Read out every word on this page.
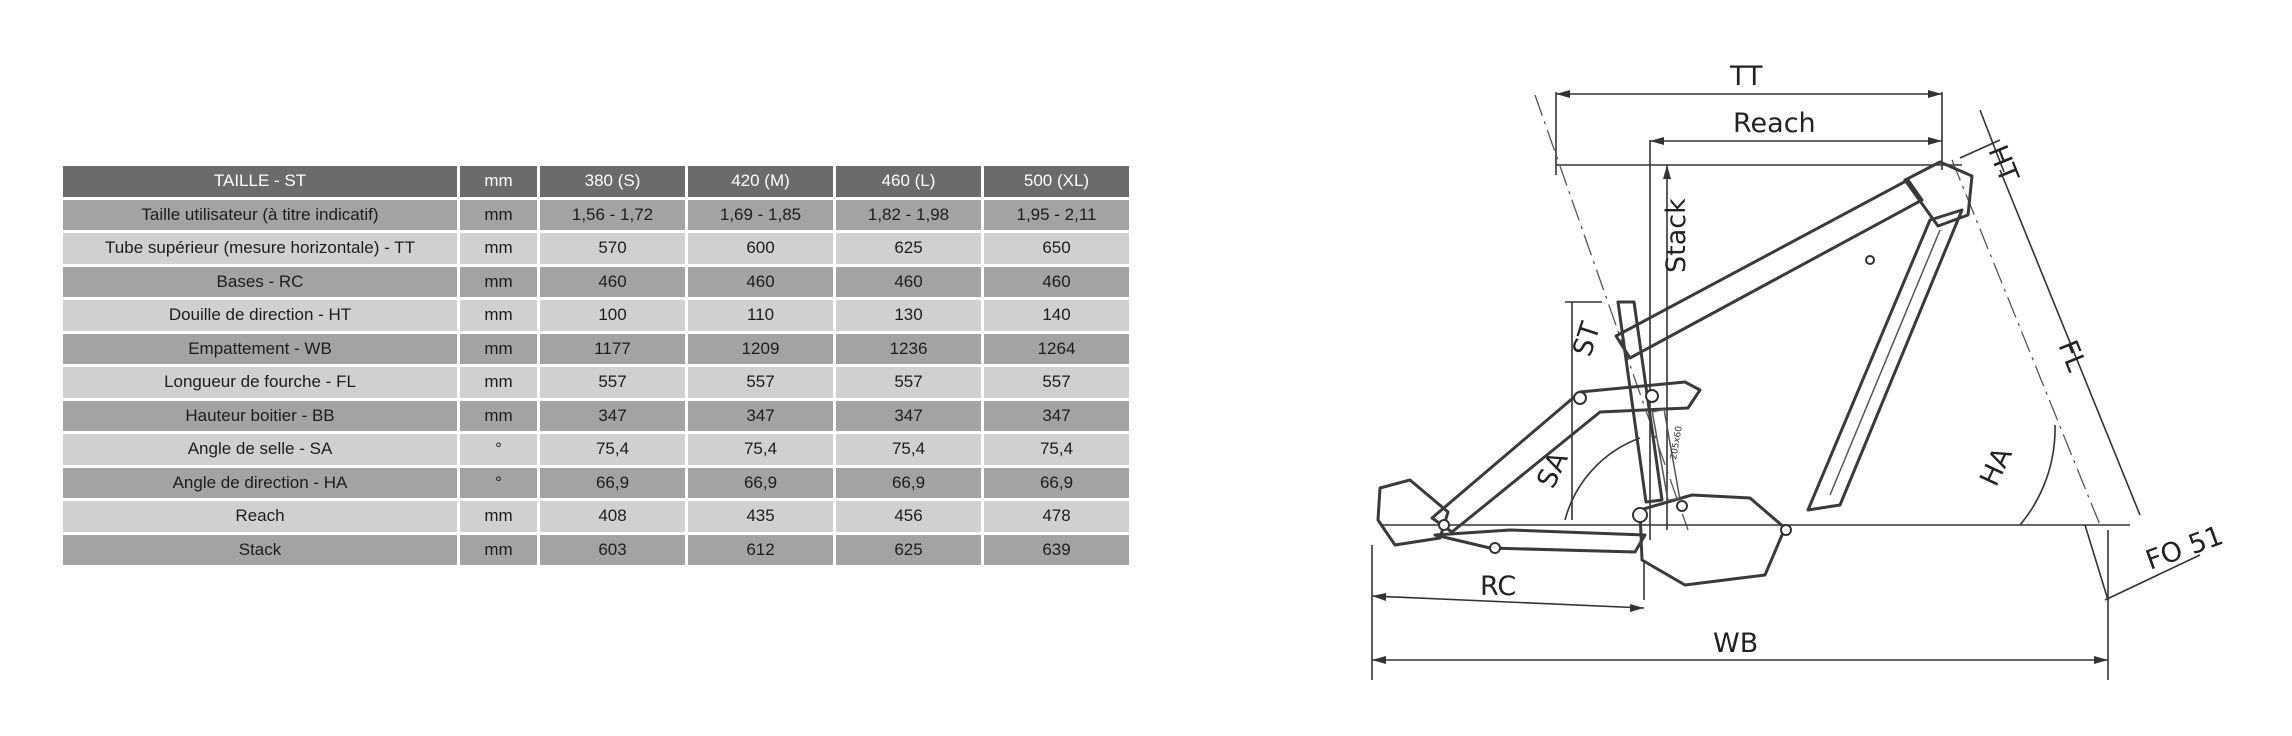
TAILLE - ST	mm	380 (S)	420 (M)	460 (L)	500 (XL)
Taille utilisateur (à titre indicatif)	mm	1,56 - 1,72	1,69 - 1,85	1,82 - 1,98	1,95 - 2,11
Tube supérieur (mesure horizontale) - TT	mm	570	600	625	650
Bases - RC	mm	460	460	460	460
Douille de direction - HT	mm	100	110	130	140
Empattement - WB	mm	1177	1209	1236	1264
Longueur de fourche - FL	mm	557	557	557	557
Hauteur boitier - BB	mm	347	347	347	347
Angle de selle - SA	°	75,4	75,4	75,4	75,4
Angle de direction - HA	°	66,9	66,9	66,9	66,9
Reach	mm	408	435	456	478
Stack	mm	603	612	625	639
TT
Reach
Stack
ST
HT
FL
HA
SA
205x60
RC
WB
FO 51
